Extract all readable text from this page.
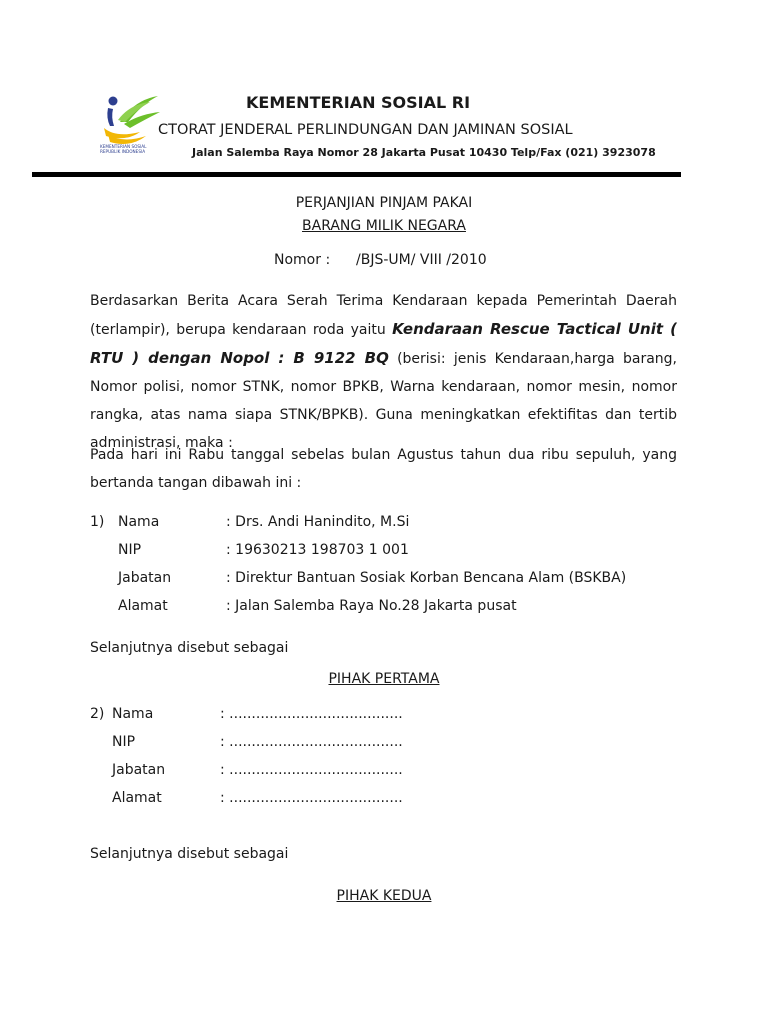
KEMENTERIAN SOSIAL
REPUBLIK INDONESIA
KEMENTERIAN SOSIAL RI
CTORAT JENDERAL PERLINDUNGAN DAN JAMINAN SOSIAL
Jalan Salemba Raya Nomor 28 Jakarta Pusat 10430 Telp/Fax (021) 3923078
PERJANJIAN PINJAM PAKAI
BARANG MILIK NEGARA
Nomor : /BJS-UM/ VIII /2010
Berdasarkan Berita Acara Serah Terima Kendaraan kepada Pemerintah Daerah (terlampir), berupa kendaraan roda yaitu Kendaraan Rescue Tactical Unit ( RTU ) dengan Nopol : B 9122 BQ (berisi: jenis Kendaraan,harga barang, Nomor polisi, nomor STNK, nomor BPKB, Warna kendaraan, nomor mesin, nomor rangka, atas nama siapa STNK/BPKB). Guna meningkatkan efektifitas dan tertib administrasi, maka :
Pada hari ini Rabu tanggal sebelas bulan Agustus tahun dua ribu sepuluh, yang bertanda tangan dibawah ini :
1) Nama	: Drs. Andi Hanindito, M.Si
NIP	: 19630213 198703 1 001
Jabatan	: Direktur Bantuan Sosiak Korban Bencana Alam (BSKBA)
Alamat	: Jalan Salemba Raya No.28 Jakarta pusat
Selanjutnya disebut sebagai
PIHAK PERTAMA
2) Nama	: .......................................
NIP	: .......................................
Jabatan	: .......................................
Alamat	: .......................................
Selanjutnya disebut sebagai
PIHAK KEDUA
